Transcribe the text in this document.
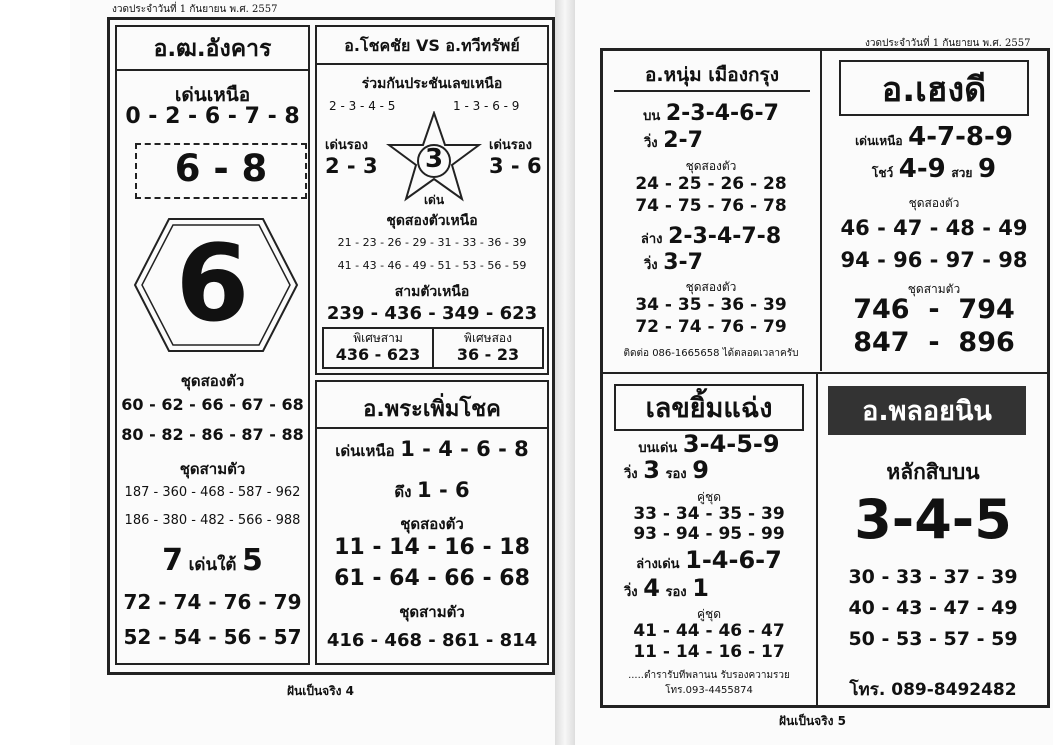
งวดประจำวันที่ 1 กันยายน พ.ศ. 2557
อ.ฒ.อังคาร
เด่นเหนือ
0 - 2 - 6 - 7 - 8
6 - 8
6
ชุดสองตัว
60 - 62 - 66 - 67 - 68
80 - 82 - 86 - 87 - 88
ชุดสามตัว
187 - 360 - 468 - 587 - 962
186 - 380 - 482 - 566 - 988
7 เด่นใต้ 5
72 - 74 - 76 - 79
52 - 54 - 56 - 57
อ.โชคชัย VS อ.ทวีทรัพย์
ร่วมกันประชันเลขเหนือ
2 - 3 - 4 - 5	1 - 3 - 6 - 9
เด่นรอง
2 - 3
เด่นรอง
3 - 6
3
เด่น
ชุดสองตัวเหนือ
21 - 23 - 26 - 29 - 31 - 33 - 36 - 39
41 - 43 - 46 - 49 - 51 - 53 - 56 - 59
สามตัวเหนือ
239 - 436 - 349 - 623
พิเศษสาม
436 - 623
พิเศษสอง
36 - 23
อ.พระเพิ่มโชค
เด่นเหนือ 1 - 4 - 6 - 8
ดึง 1 - 6
ชุดสองตัว
11 - 14 - 16 - 18
61 - 64 - 66 - 68
ชุดสามตัว
416 - 468 - 861 - 814
ฝันเป็นจริง 4
งวดประจำวันที่ 1 กันยายน พ.ศ. 2557
อ.หนุ่ม เมืองกรุง
บน 2-3-4-6-7
วิ่ง 2-7
ชุดสองตัว
24 - 25 - 26 - 28
74 - 75 - 76 - 78
ล่าง 2-3-4-7-8
วิ่ง 3-7
ชุดสองตัว
34 - 35 - 36 - 39
72 - 74 - 76 - 79
ติดต่อ 086-1665658 ได้ตลอดเวลาครับ
อ.เฮงดี
เด่นเหนือ 4-7-8-9
โชว์ 4-9 สวย 9
ชุดสองตัว
46 - 47 - 48 - 49
94 - 96 - 97 - 98
ชุดสามตัว
746 - 794
847 - 896
เลขยิ้มแฉ่ง
บนเด่น 3-4-5-9
วิ่ง 3 รอง 9
คู่ชุด
33 - 34 - 35 - 39
93 - 94 - 95 - 99
ล่างเด่น 1-4-6-7
วิ่ง 4 รอง 1
คู่ชุด
41 - 44 - 46 - 47
11 - 14 - 16 - 17
.....ตำรารับทีพลานน รับรองความรวย
โทร.093-4455874
อ.พลอยนิน
หลักสิบบน
3-4-5
30 - 33 - 37 - 39
40 - 43 - 47 - 49
50 - 53 - 57 - 59
โทร. 089-8492482
ฝันเป็นจริง 5
